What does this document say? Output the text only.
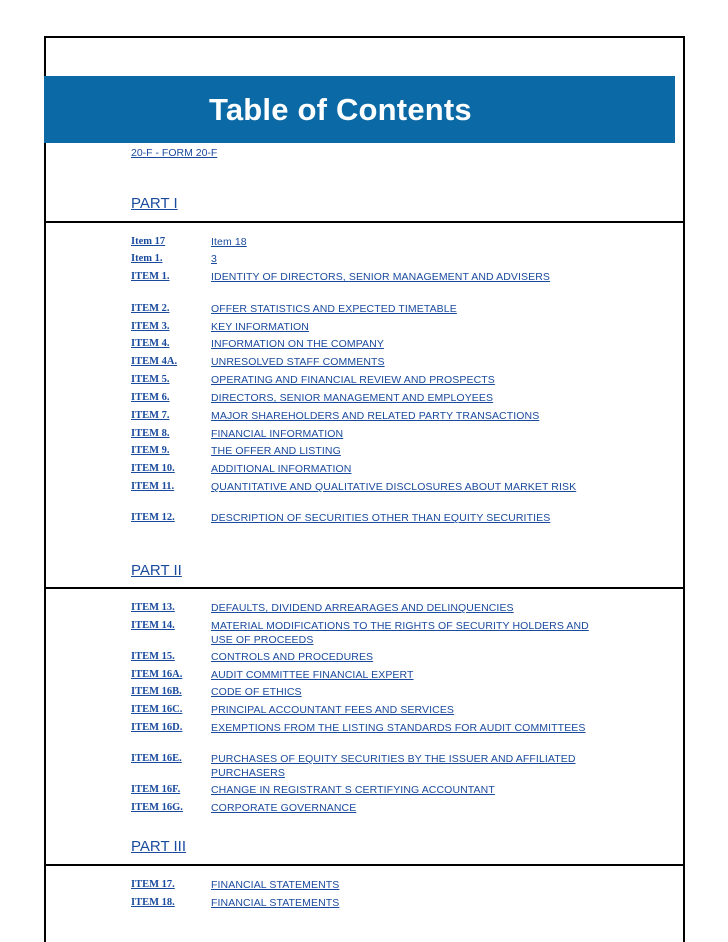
Table of Contents
20-F - FORM 20-F
PART I
Item 17	Item 18
Item 1.	3
ITEM 1.	IDENTITY OF DIRECTORS, SENIOR MANAGEMENT AND ADVISERS
ITEM 2.	OFFER STATISTICS AND EXPECTED TIMETABLE
ITEM 3.	KEY INFORMATION
ITEM 4.	INFORMATION ON THE COMPANY
ITEM 4A.	UNRESOLVED STAFF COMMENTS
ITEM 5.	OPERATING AND FINANCIAL REVIEW AND PROSPECTS
ITEM 6.	DIRECTORS, SENIOR MANAGEMENT AND EMPLOYEES
ITEM 7.	MAJOR SHAREHOLDERS AND RELATED PARTY TRANSACTIONS
ITEM 8.	FINANCIAL INFORMATION
ITEM 9.	THE OFFER AND LISTING
ITEM 10.	ADDITIONAL INFORMATION
ITEM 11.	QUANTITATIVE AND QUALITATIVE DISCLOSURES ABOUT MARKET RISK
ITEM 12.	DESCRIPTION OF SECURITIES OTHER THAN EQUITY SECURITIES
PART II
ITEM 13.	DEFAULTS, DIVIDEND ARREARAGES AND DELINQUENCIES
ITEM 14.	MATERIAL MODIFICATIONS TO THE RIGHTS OF SECURITY HOLDERS AND USE OF PROCEEDS
ITEM 15.	CONTROLS AND PROCEDURES
ITEM 16A.	AUDIT COMMITTEE FINANCIAL EXPERT
ITEM 16B.	CODE OF ETHICS
ITEM 16C.	PRINCIPAL ACCOUNTANT FEES AND SERVICES
ITEM 16D.	EXEMPTIONS FROM THE LISTING STANDARDS FOR AUDIT COMMITTEES
ITEM 16E.	PURCHASES OF EQUITY SECURITIES BY THE ISSUER AND AFFILIATED PURCHASERS
ITEM 16F.	CHANGE IN REGISTRANT S CERTIFYING ACCOUNTANT
ITEM 16G.	CORPORATE GOVERNANCE
PART III
ITEM 17.	FINANCIAL STATEMENTS
ITEM 18.	FINANCIAL STATEMENTS
